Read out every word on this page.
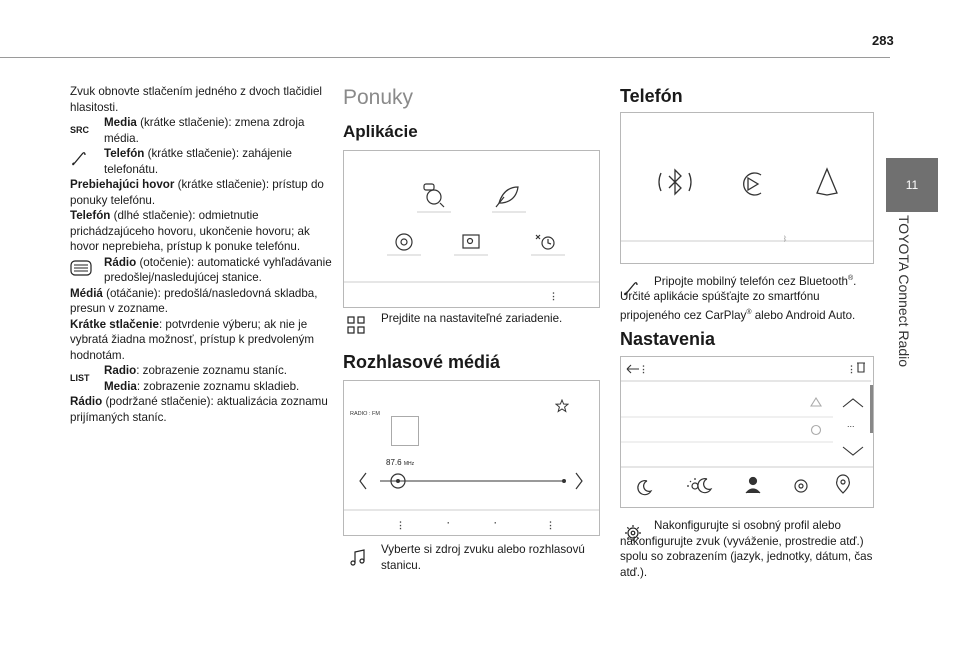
283
11
TOYOTA Connect Radio

Zvuk obnovte stlačením jedného z dvoch tlačidiel hlasitosti.

SRC
Media (krátke stlačenie): zmena zdroja média.
Telefón (krátke stlačenie): zahájenie telefonátu.

Prebiehajúci hovor (krátke stlačenie): prístup do ponuky telefónu.

Telefón (dlhé stlačenie): odmietnutie prichádzajúceho hovoru, ukončenie hovoru; ak hovor neprebieha, prístup k ponuke telefónu.

Rádio (otočenie): automatické vyhľadávanie predošlej/nasledujúcej stanice.

Médiá (otáčanie): predošlá/nasledovná skladba, presun v zozname.

Krátke stlačenie: potvrdenie výberu; ak nie je vybratá žiadna možnosť, prístup k predvoleným hodnotám.

LIST
Radio: zobrazenie zoznamu staníc.
Media: zobrazenie zoznamu skladieb.

Rádio (podržané stlačenie): aktualizácia zoznamu prijímaných staníc.

Ponuky
Aplikácie
⋮
Prejdite na nastaviteľné zariadenie.
Rozhlasové médiá
RADIO : FM
87.6 MHz
⋮	·	·	⋮
Vyberte si zdroj zvuku alebo rozhlasovú stanicu.
Telefón
ᛒ
Pripojte mobilný telefón cez Bluetooth®. Určité aplikácie spúšťajte zo smartfónu pripojeného cez CarPlay® alebo Android Auto.
Nastavenia
...
⋮	⋮
Nakonfigurujte si osobný profil alebo nakonfigurujte zvuk (vyváženie, prostredie atď.) spolu so zobrazením (jazyk, jednotky, dátum, čas atď.).
